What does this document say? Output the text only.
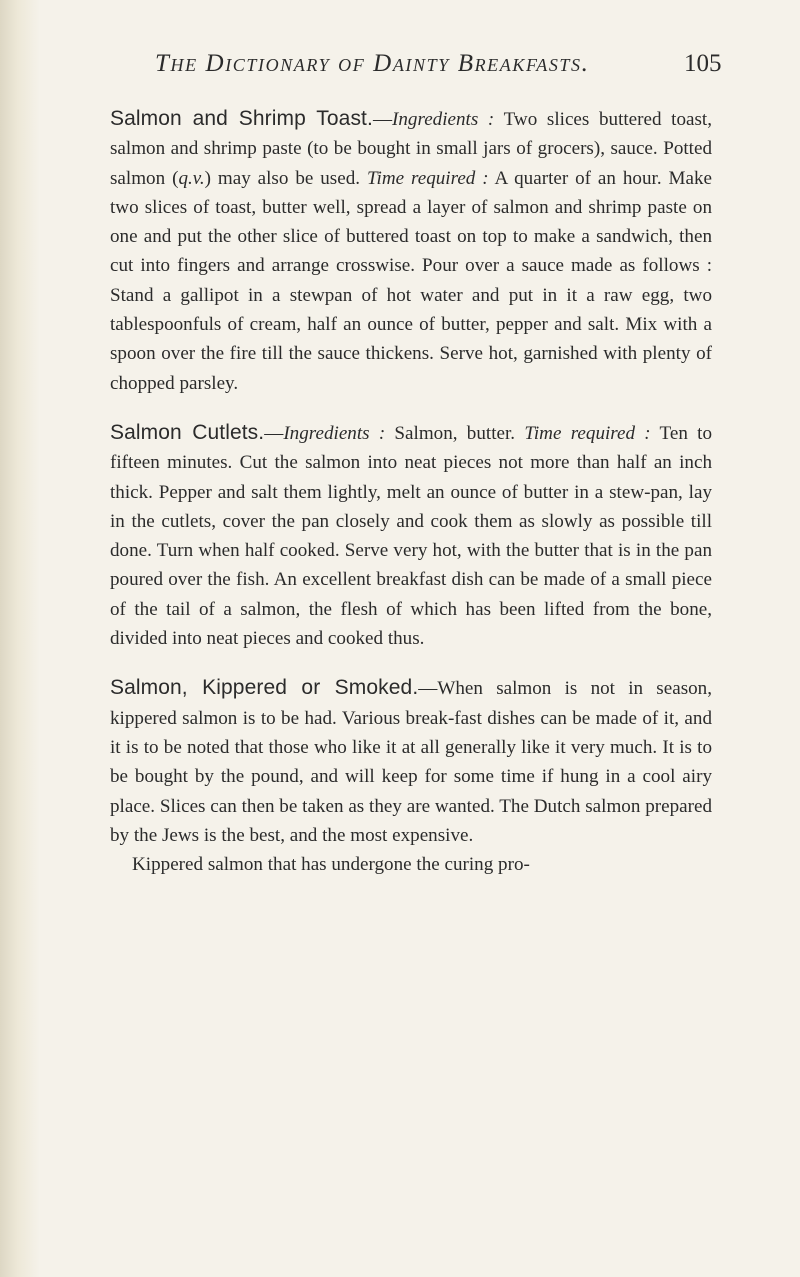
The Dictionary of Dainty Breakfasts.	105

Salmon and Shrimp Toast.—Ingredients : Two slices buttered toast, salmon and shrimp paste (to be bought in small jars of grocers), sauce. Potted salmon (q.v.) may also be used. Time required : A quarter of an hour. Make two slices of toast, butter well, spread a layer of salmon and shrimp paste on one and put the other slice of buttered toast on top to make a sandwich, then cut into fingers and arrange crosswise. Pour over a sauce made as follows : Stand a gallipot in a stewpan of hot water and put in it a raw egg, two tablespoonfuls of cream, half an ounce of butter, pepper and salt. Mix with a spoon over the fire till the sauce thickens. Serve hot, garnished with plenty of chopped parsley.

Salmon Cutlets.—Ingredients : Salmon, butter. Time required : Ten to fifteen minutes. Cut the salmon into neat pieces not more than half an inch thick. Pepper and salt them lightly, melt an ounce of butter in a stew-pan, lay in the cutlets, cover the pan closely and cook them as slowly as possible till done. Turn when half cooked. Serve very hot, with the butter that is in the pan poured over the fish. An excellent breakfast dish can be made of a small piece of the tail of a salmon, the flesh of which has been lifted from the bone, divided into neat pieces and cooked thus.

Salmon, Kippered or Smoked.—When salmon is not in season, kippered salmon is to be had. Various break-fast dishes can be made of it, and it is to be noted that those who like it at all generally like it very much. It is to be bought by the pound, and will keep for some time if hung in a cool airy place. Slices can then be taken as they are wanted. The Dutch salmon prepared by the Jews is the best, and the most expensive.

Kippered salmon that has undergone the curing pro-
